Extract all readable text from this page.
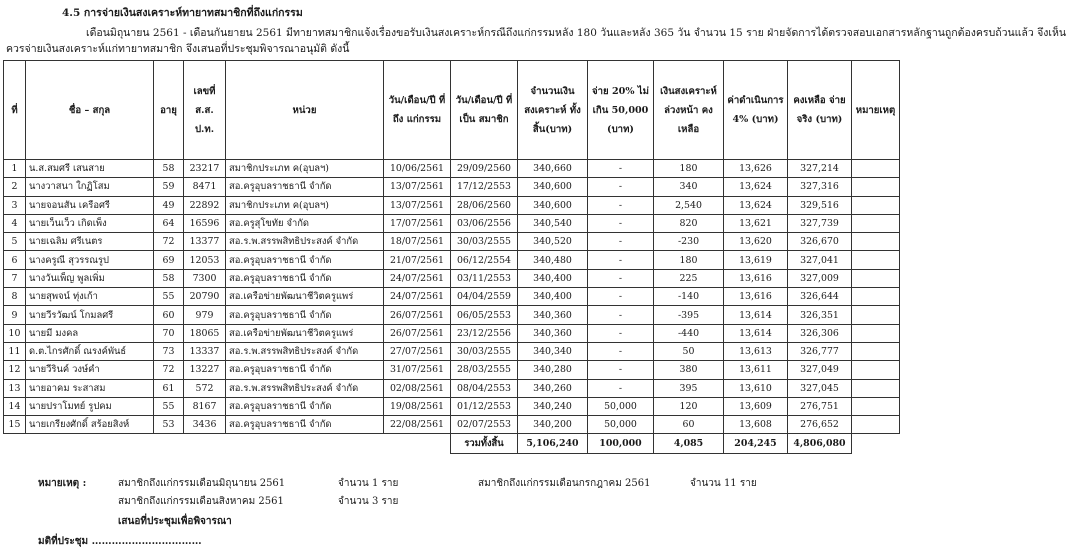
4.5 การจ่ายเงินสงเคราะห์ทายาทสมาชิกที่ถึงแก่กรรม
เดือนมิถุนายน 2561 - เดือนกันยายน 2561 มีทายาทสมาชิกแจ้งเรื่องขอรับเงินสงเคราะห์กรณีถึงแก่กรรมหลัง 180 วันและหลัง 365 วัน จำนวน 15 ราย ฝ่ายจัดการได้ตรวจสอบเอกสารหลักฐานถูกต้องครบถ้วนแล้ว จึงเห็น
ควรจ่ายเงินสงเคราะห์แก่ทายาทสมาชิก จึงเสนอที่ประชุมพิจารณาอนุมัติ ดังนี้
ที่	ชื่อ – สกุล	อายุ	เลขที่ ส.ส. ป.ท.	หน่วย	วัน/เดือน/ปี ที่ถึง แก่กรรม	วัน/เดือน/ปี ที่เป็น สมาชิก	จำนวนเงิน สงเคราะห์ ทั้งสิ้น(บาท)	จ่าย 20% ไม่เกิน 50,000 (บาท)	เงินสงเคราะห์ ล่วงหน้า คงเหลือ	ค่าดำเนินการ 4% (บาท)	คงเหลือ จ่ายจริง (บาท)	หมายเหตุ
1	น.ส.สมศรี เสนสาย	58	23217	สมาชิกประเภท ค(อุบลฯ)	10/06/2561	29/09/2560	340,660	-	180	13,626	327,214	
2	นางวาสนา ใกฏิโสม	59	8471	สอ.ครูอุบลราชธานี จำกัด	13/07/2561	17/12/2553	340,600	-	340	13,624	327,316	
3	นายจอนสัน เครือศรี	49	22892	สมาชิกประเภท ค(อุบลฯ)	13/07/2561	28/06/2560	340,600	-	2,540	13,624	329,516	
4	นายเว็นเว็ว เกิดเพ็ง	64	16596	สอ.ครูสุโขทัย จำกัด	17/07/2561	03/06/2556	340,540	-	820	13,621	327,739	
5	นายเฉลิม ศรีเนตร	72	13377	สอ.ร.พ.สรรพสิทธิประสงค์ จำกัด	18/07/2561	30/03/2555	340,520	-	-230	13,620	326,670	
6	นางครูณี สุวรรณรูป	69	12053	สอ.ครูอุบลราชธานี จำกัด	21/07/2561	06/12/2554	340,480	-	180	13,619	327,041	
7	นางวันเพ็ญ พูลเพิ่ม	58	7300	สอ.ครูอุบลราชธานี จำกัด	24/07/2561	03/11/2553	340,400	-	225	13,616	327,009	
8	นายสุพจน์ ทุ่งเก้า	55	20790	สอ.เครือข่ายพัฒนาชีวิตครูแพร่	24/07/2561	04/04/2559	340,400	-	-140	13,616	326,644	
9	นายวีรวัฒน์ โกมลศรี	60	979	สอ.ครูอุบลราชธานี จำกัด	26/07/2561	06/05/2553	340,360	-	-395	13,614	326,351	
10	นายมี มงคล	70	18065	สอ.เครือข่ายพัฒนาชีวิตครูแพร่	26/07/2561	23/12/2556	340,360	-	-440	13,614	326,306	
11	ด.ต.ไกรศักดิ์ ณรงค์พันธ์	73	13337	สอ.ร.พ.สรรพสิทธิประสงค์ จำกัด	27/07/2561	30/03/2555	340,340	-	50	13,613	326,777	
12	นายวีรินค์ วงษ์คำ	72	13227	สอ.ครูอุบลราชธานี จำกัด	31/07/2561	28/03/2555	340,280	-	380	13,611	327,049	
13	นายอาคม ระสาสม	61	572	สอ.ร.พ.สรรพสิทธิประสงค์ จำกัด	02/08/2561	08/04/2553	340,260	-	395	13,610	327,045	
14	นายปราโมทย์ รูปคม	55	8167	สอ.ครูอุบลราชธานี จำกัด	19/08/2561	01/12/2553	340,240	50,000	120	13,609	276,751	
15	นายเกรียงศักดิ์ สร้อยสิงห์	53	3436	สอ.ครูอุบลราชธานี จำกัด	22/08/2561	02/07/2553	340,200	50,000	60	13,608	276,652	
						รวมทั้งสิ้น	5,106,240	100,000	4,085	204,245	4,806,080	
หมายเหตุ :	สมาชิกถึงแก่กรรมเดือนมิถุนายน 2561	จำนวน 1 ราย	สมาชิกถึงแก่กรรมเดือนกรกฎาคม 2561	จำนวน 11 ราย
สมาชิกถึงแก่กรรมเดือนสิงหาคม 2561	จำนวน 3 ราย
เสนอที่ประชุมเพื่อพิจารณา
มติที่ประชุม ……………………………
